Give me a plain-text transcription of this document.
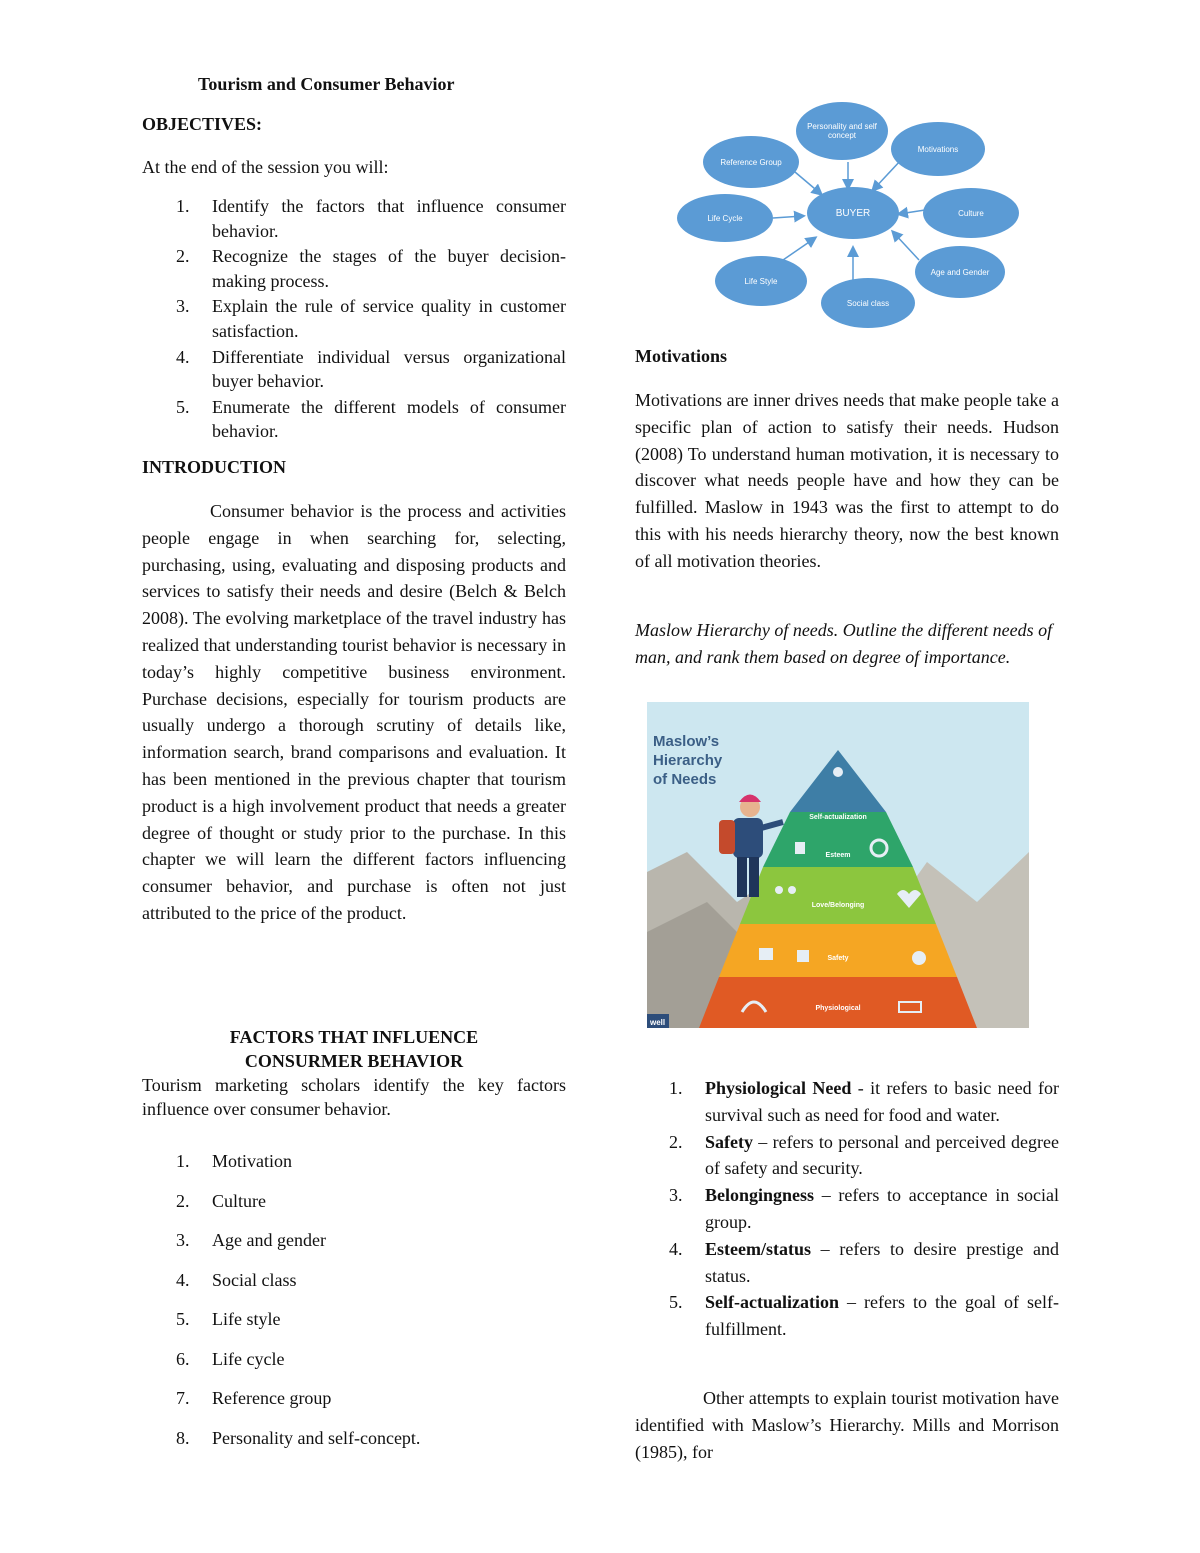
Tourism and Consumer Behavior
OBJECTIVES:
At the end of the session you will:
1. Identify the factors that influence consumer behavior.
2. Recognize the stages of the buyer decision-making process.
3. Explain the rule of service quality in customer satisfaction.
4. Differentiate individual versus organizational buyer behavior.
5. Enumerate the different models of consumer behavior.
INTRODUCTION
Consumer behavior is the process and activities people engage in when searching for, selecting, purchasing, using, evaluating and disposing products and services to satisfy their needs and desire (Belch & Belch 2008). The evolving marketplace of the travel industry has realized that understanding tourist behavior is necessary in today’s highly competitive business environment. Purchase decisions, especially for tourism products are usually undergo a thorough scrutiny of details like, information search, brand comparisons and evaluation. It has been mentioned in the previous chapter that tourism product is a high involvement product that needs a greater degree of thought or study prior to the purchase. In this chapter we will learn the different factors influencing consumer behavior, and purchase is often not just attributed to the price of the product.
FACTORS THAT INFLUENCE
CONSURMER BEHAVIOR
Tourism marketing scholars identify the key factors influence over consumer behavior.
1. Motivation
2. Culture
3. Age and gender
4. Social class
5. Life style
6. Life cycle
7. Reference group
8. Personality and self-concept.
BUYER
Personality and self concept
Motivations
Culture
Age and Gender
Social class
Life Style
Life Cycle
Reference Group
Motivations
Motivations are inner drives needs that make people take a specific plan of action to satisfy their needs. Hudson (2008) To understand human motivation, it is necessary to discover what needs people have and how they can be fulfilled. Maslow in 1943 was the first to attempt to do this with his needs hierarchy theory, now the best known of all motivation theories.
Maslow Hierarchy of needs. Outline the different needs of man, and rank them based on degree of importance.
1. Physiological Need - it refers to basic need for survival such as need for food and water.
2. Safety – refers to personal and perceived degree of safety and security.
3. Belongingness – refers to acceptance in social group.
4. Esteem/status – refers to desire prestige and status.
5. Self-actualization – refers to the goal of self-fulfillment.
Other attempts to explain tourist motivation have identified with Maslow’s Hierarchy. Mills and Morrison (1985), for
Maslow’s
Hierarchy
of Needs
Self-actualization
Esteem
Love/Belonging
Safety
Physiological
well
